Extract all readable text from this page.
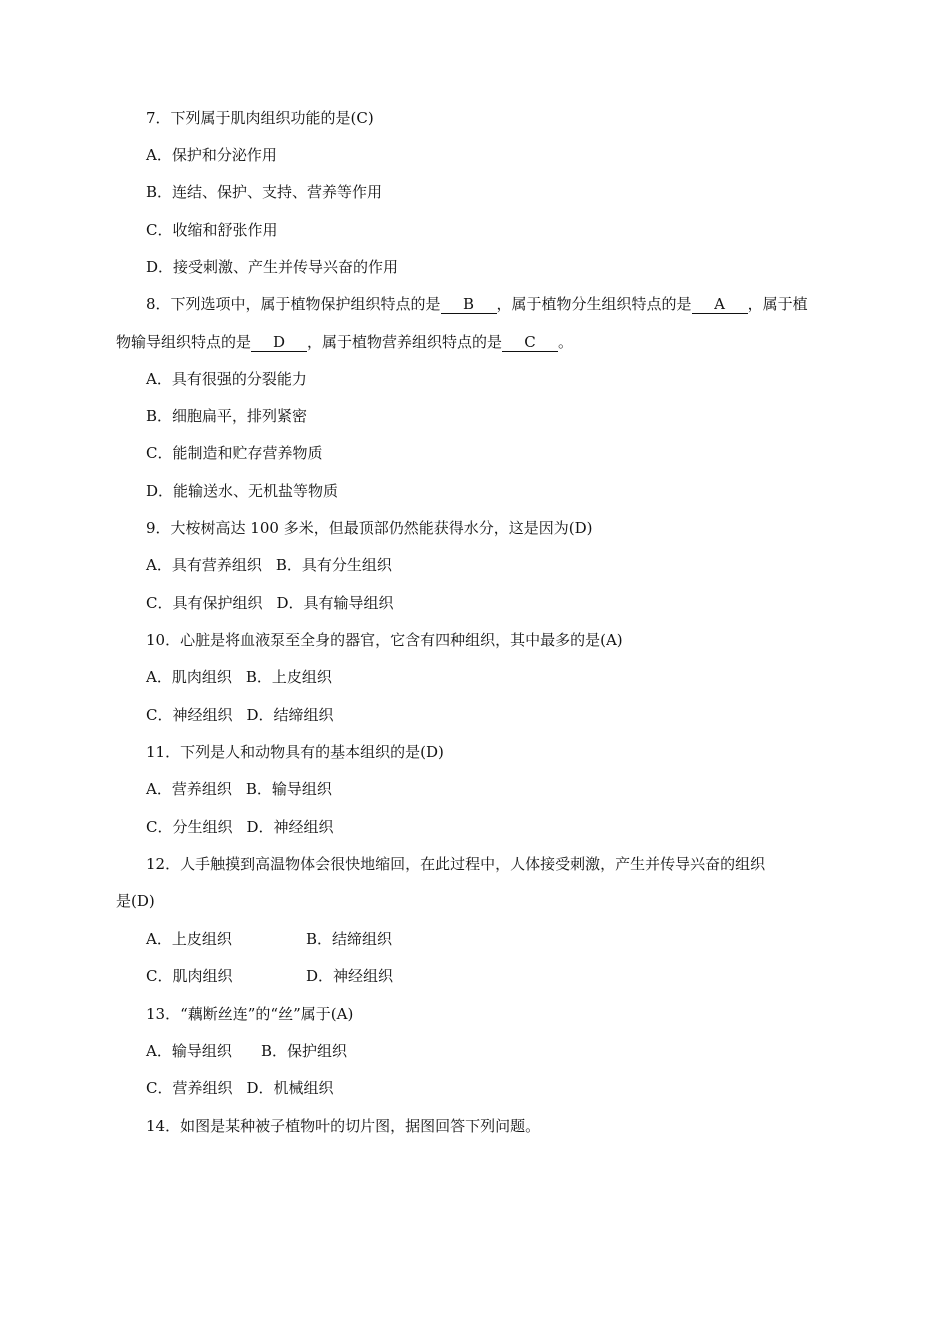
7．下列属于肌肉组织功能的是(C)
A．保护和分泌作用
B．连结、保护、支持、营养等作用
C．收缩和舒张作用
D．接受刺激、产生并传导兴奋的作用
8．下列选项中，属于植物保护组织特点的是 B ，属于植物分生组织特点的是 A ，属于植
物输导组织特点的是 D ，属于植物营养组织特点的是 C 。
A．具有很强的分裂能力
B．细胞扁平，排列紧密
C．能制造和贮存营养物质
D．能输送水、无机盐等物质
9．大桉树高达 100 多米，但最顶部仍然能获得水分，这是因为(D)
A．具有营养组织 B．具有分生组织
C．具有保护组织 D．具有输导组织
10．心脏是将血液泵至全身的器官，它含有四种组织，其中最多的是(A)
A．肌肉组织 B．上皮组织
C．神经组织 D．结缔组织
11．下列是人和动物具有的基本组织的是(D)
A．营养组织 B．输导组织
C．分生组织 D．神经组织
12．人手触摸到高温物体会很快地缩回，在此过程中，人体接受刺激，产生并传导兴奋的组织
是(D)
A．上皮组织	B．结缔组织
C．肌肉组织	D．神经组织
13．“藕断丝连”的“丝”属于(A)
A．输导组织 B．保护组织
C．营养组织 D．机械组织
14．如图是某种被子植物叶的切片图，据图回答下列问题。
